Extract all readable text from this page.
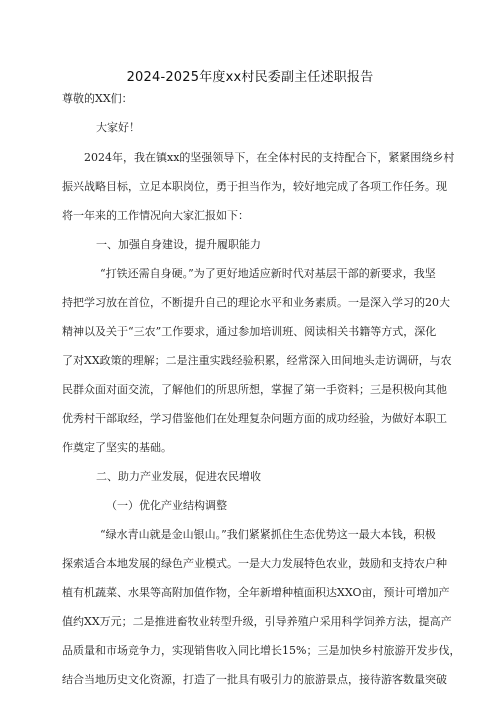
2024-2025年度xx村民委副主任述职报告
尊敬的XX们：
大家好！
2024年，我在镇xx的坚强领导下，在全体村民的支持配合下，紧紧围绕乡村
振兴战略目标，立足本职岗位，勇于担当作为，较好地完成了各项工作任务。现
将一年来的工作情况向大家汇报如下：
一、加强自身建设，提升履职能力
“打铁还需自身硬。”为了更好地适应新时代对基层干部的新要求，我坚
持把学习放在首位，不断提升自己的理论水平和业务素质。一是深入学习的20大
精神以及关于“三农”工作要求，通过参加培训班、阅读相关书籍等方式，深化
了对XX政策的理解；二是注重实践经验积累，经常深入田间地头走访调研，与农
民群众面对面交流，了解他们的所思所想，掌握了第一手资料；三是积极向其他
优秀村干部取经，学习借鉴他们在处理复杂问题方面的成功经验，为做好本职工
作奠定了坚实的基础。
二、助力产业发展，促进农民增收
（一）优化产业结构调整
“绿水青山就是金山银山。”我们紧紧抓住生态优势这一最大本钱，积极
探索适合本地发展的绿色产业模式。一是大力发展特色农业，鼓励和支持农户种
植有机蔬菜、水果等高附加值作物，全年新增种植面积达XXO亩，预计可增加产
值约XX万元；二是推进畜牧业转型升级，引导养殖户采用科学饲养方法，提高产
品质量和市场竞争力，实现销售收入同比增长15%；三是加快乡村旅游开发步伐，
结合当地历史文化资源，打造了一批具有吸引力的旅游景点，接待游客数量突破
